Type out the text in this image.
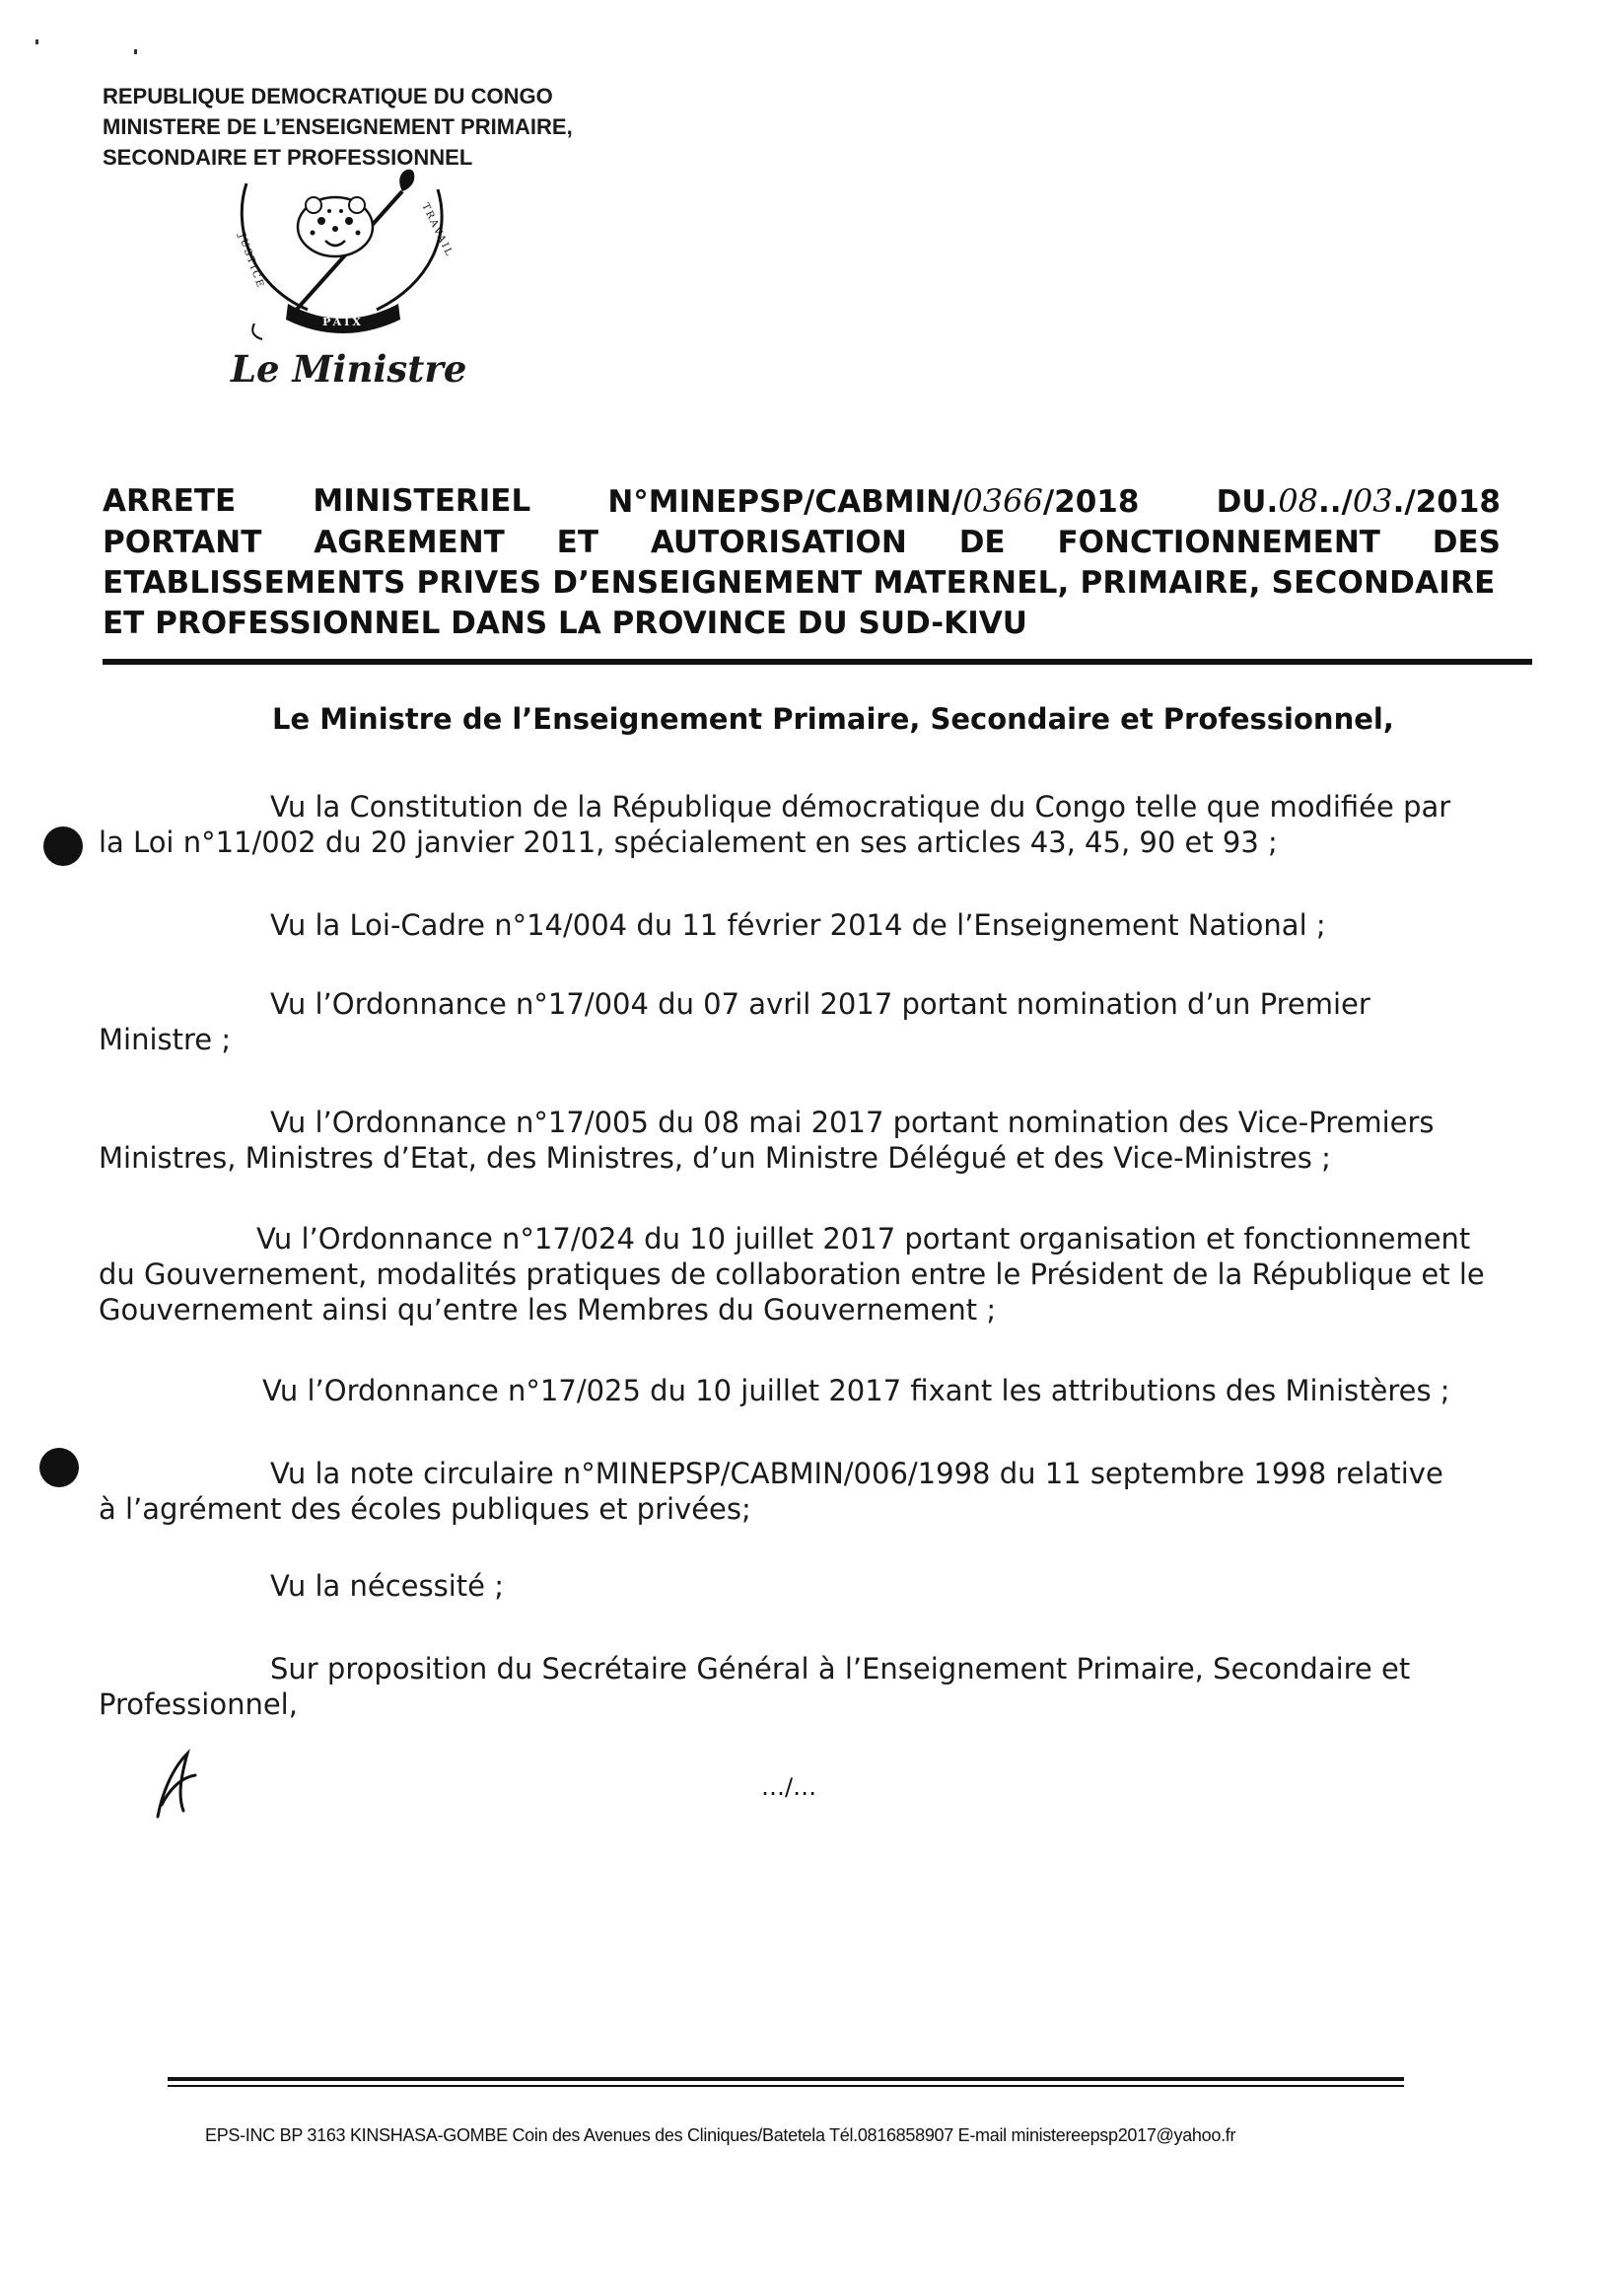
REPUBLIQUE DEMOCRATIQUE DU CONGO
MINISTERE DE L’ENSEIGNEMENT PRIMAIRE,
SECONDAIRE ET PROFESSIONNEL
PAIX
JUSTICE
TRAVAIL
Le Ministre
ARRETE	MINISTERIEL	N°MINEPSP/CABMIN/0366/2018	DU.08../03./2018
PORTANT AGREMENT ET AUTORISATION DE FONCTIONNEMENT DES
ETABLISSEMENTS PRIVES D’ENSEIGNEMENT MATERNEL, PRIMAIRE, SECONDAIRE
ET PROFESSIONNEL DANS LA PROVINCE DU SUD-KIVU
Le Ministre de l’Enseignement Primaire, Secondaire et Professionnel,
Vu la Constitution de la République démocratique du Congo telle que modifiée par
la Loi n°11/002 du 20 janvier 2011, spécialement en ses articles 43, 45, 90 et 93 ;
Vu la Loi-Cadre n°14/004 du 11 février 2014 de l’Enseignement National ;
Vu l’Ordonnance n°17/004 du 07 avril 2017 portant nomination d’un Premier
Ministre ;
Vu l’Ordonnance n°17/005 du 08 mai 2017 portant nomination des Vice-Premiers
Ministres, Ministres d’Etat, des Ministres, d’un Ministre Délégué et des Vice-Ministres ;
Vu l’Ordonnance n°17/024 du 10 juillet 2017 portant organisation et fonctionnement
du Gouvernement, modalités pratiques de collaboration entre le Président de la République et le
Gouvernement ainsi qu’entre les Membres du Gouvernement ;
Vu l’Ordonnance n°17/025 du 10 juillet 2017 fixant les attributions des Ministères ;
Vu la note circulaire n°MINEPSP/CABMIN/006/1998 du 11 septembre 1998 relative
à l’agrément des écoles publiques et privées;
Vu la nécessité ;
Sur proposition du Secrétaire Général à l’Enseignement Primaire, Secondaire et
Professionnel,
…/…
EPS-INC BP 3163 KINSHASA-GOMBE Coin des Avenues des Cliniques/Batetela Tél.0816858907 E-mail ministereepsp2017@yahoo.fr
